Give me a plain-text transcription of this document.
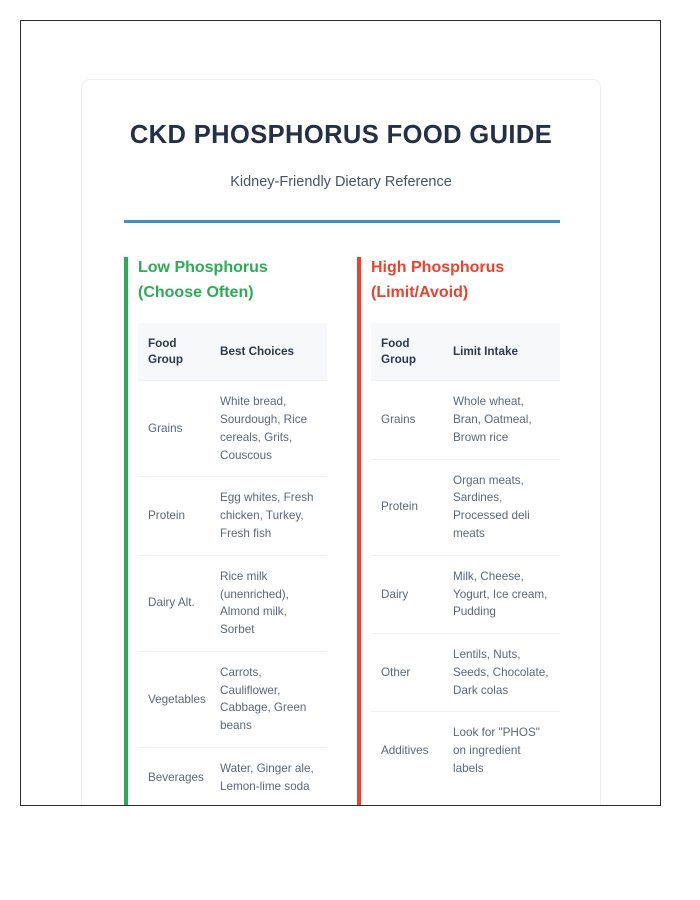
CKD PHOSPHORUS FOOD GUIDE
Kidney-Friendly Dietary Reference
Low Phosphorus
(Choose Often)
Food Group	Best Choices
Grains	White bread, Sourdough, Rice cereals, Grits, Couscous
Protein	Egg whites, Fresh chicken, Turkey, Fresh fish
Dairy Alt.	Rice milk (unenriched), Almond milk, Sorbet
Vegetables	Carrots, Cauliflower, Cabbage, Green beans
Beverages	Water, Ginger ale, Lemon-lime soda
High Phosphorus
(Limit/Avoid)
Food Group	Limit Intake
Grains	Whole wheat, Bran, Oatmeal, Brown rice
Protein	Organ meats, Sardines, Processed deli meats
Dairy	Milk, Cheese, Yogurt, Ice cream, Pudding
Other	Lentils, Nuts, Seeds, Chocolate, Dark colas
Additives	Look for "PHOS" on ingredient labels
